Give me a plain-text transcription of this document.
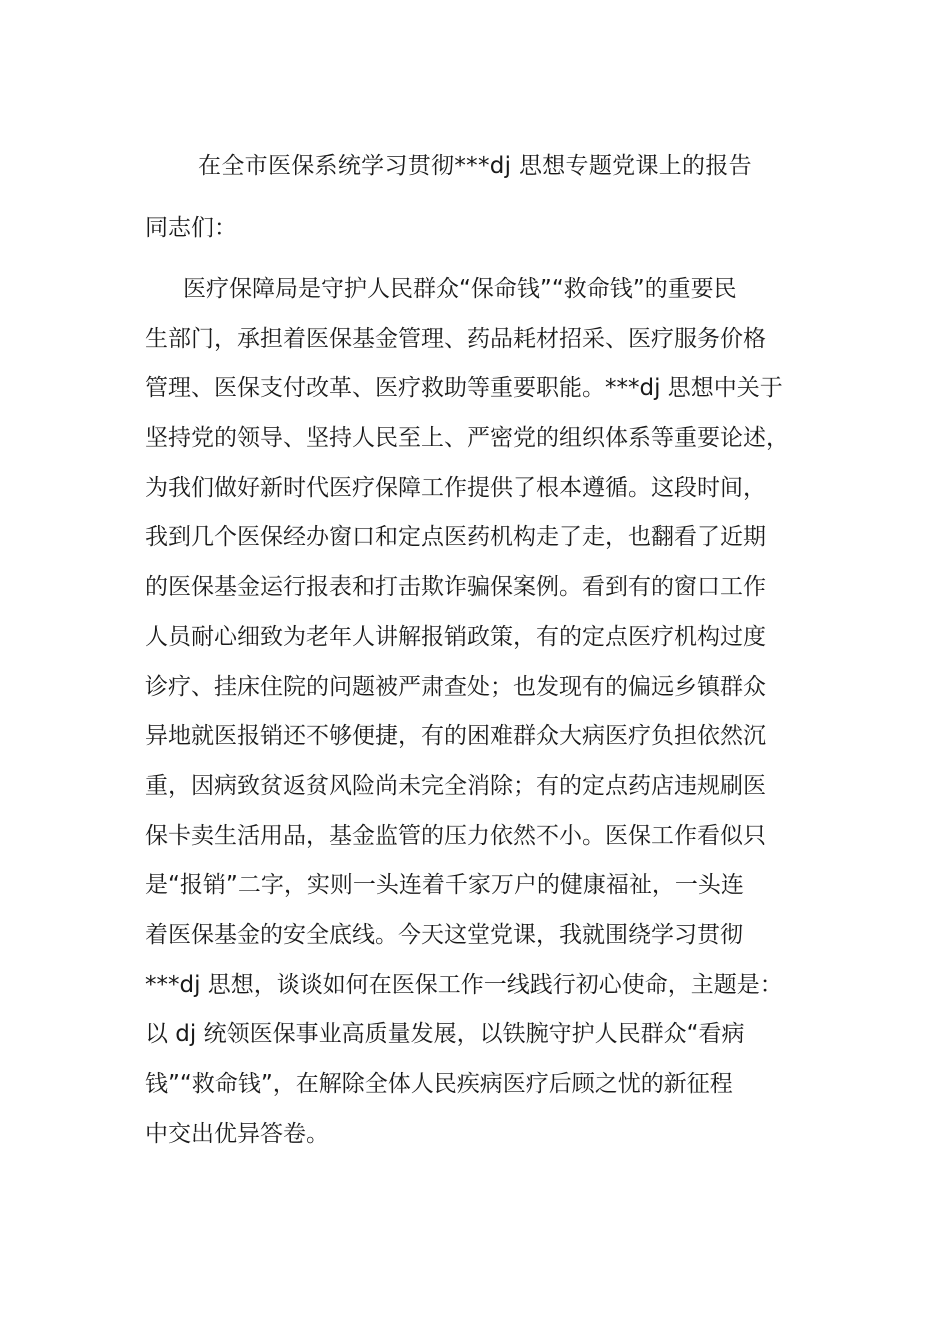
在全市医保系统学习贯彻***dj 思想专题党课上的报告
同志们：
医疗保障局是守护人民群众“保命钱”“救命钱”的重要民
生部门，承担着医保基金管理、药品耗材招采、医疗服务价格
管理、医保支付改革、医疗救助等重要职能。***dj 思想中关于
坚持党的领导、坚持人民至上、严密党的组织体系等重要论述，
为我们做好新时代医疗保障工作提供了根本遵循。这段时间，
我到几个医保经办窗口和定点医药机构走了走，也翻看了近期
的医保基金运行报表和打击欺诈骗保案例。看到有的窗口工作
人员耐心细致为老年人讲解报销政策，有的定点医疗机构过度
诊疗、挂床住院的问题被严肃查处；也发现有的偏远乡镇群众
异地就医报销还不够便捷，有的困难群众大病医疗负担依然沉
重，因病致贫返贫风险尚未完全消除；有的定点药店违规刷医
保卡卖生活用品，基金监管的压力依然不小。医保工作看似只
是“报销”二字，实则一头连着千家万户的健康福祉，一头连
着医保基金的安全底线。今天这堂党课，我就围绕学习贯彻
***dj 思想，谈谈如何在医保工作一线践行初心使命，主题是：
以 dj 统领医保事业高质量发展，以铁腕守护人民群众“看病
钱”“救命钱”，在解除全体人民疾病医疗后顾之忧的新征程
中交出优异答卷。
